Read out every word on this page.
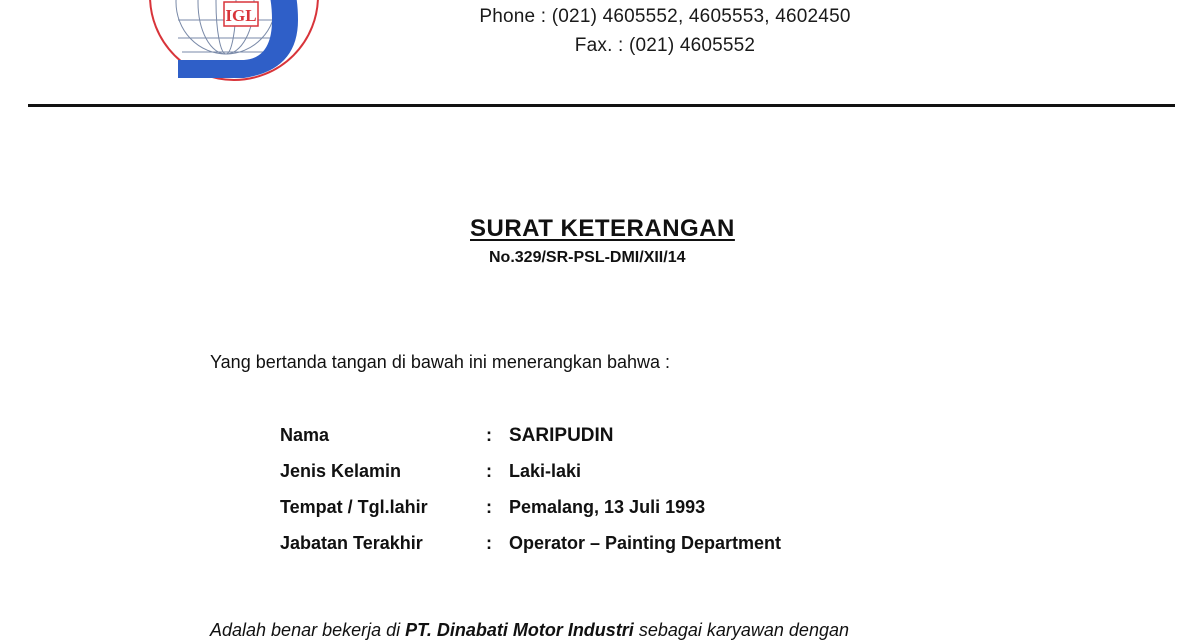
IGL	Phone : (021) 4605552, 4605553, 4602450
Fax. : (021) 4605552
SURAT KETERANGAN
No.329/SR-PSL-DMI/XII/14
Yang bertanda tangan di bawah ini menerangkan bahwa :
Nama	: SARIPUDIN
Jenis Kelamin	: Laki-laki
Tempat / Tgl.lahir	: Pemalang, 13 Juli 1993
Jabatan Terakhir	: Operator – Painting Department
Adalah benar bekerja di PT. Dinabati Motor Industri sebagai karyawan dengan
